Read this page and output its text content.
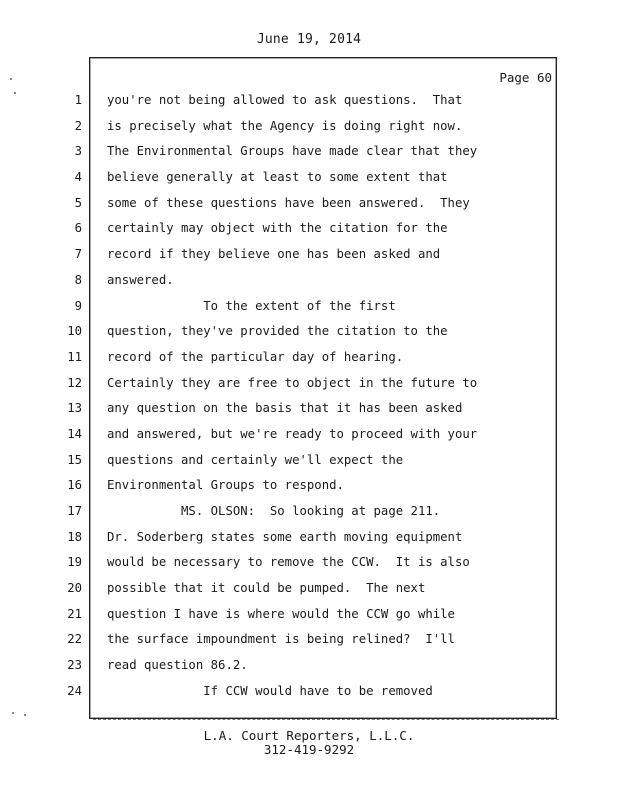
June 19, 2014
Page 60
1 you're not being allowed to ask questions.  That
2 is precisely what the Agency is doing right now.
3 The Environmental Groups have made clear that they
4 believe generally at least to some extent that
5 some of these questions have been answered.  They
6 certainly may object with the citation for the
7 record if they believe one has been asked and
8 answered.
9 To the extent of the first
10 question, they've provided the citation to the
11 record of the particular day of hearing.
12 Certainly they are free to object in the future to
13 any question on the basis that it has been asked
14 and answered, but we're ready to proceed with your
15 questions and certainly we'll expect the
16 Environmental Groups to respond.
17 MS. OLSON:  So looking at page 211.
18 Dr. Soderberg states some earth moving equipment
19 would be necessary to remove the CCW.  It is also
20 possible that it could be pumped.  The next
21 question I have is where would the CCW go while
22 the surface impoundment is being relined?  I'll
23 read question 86.2.
24 If CCW would have to be removed
L.A. Court Reporters, L.L.C.
312-419-9292
